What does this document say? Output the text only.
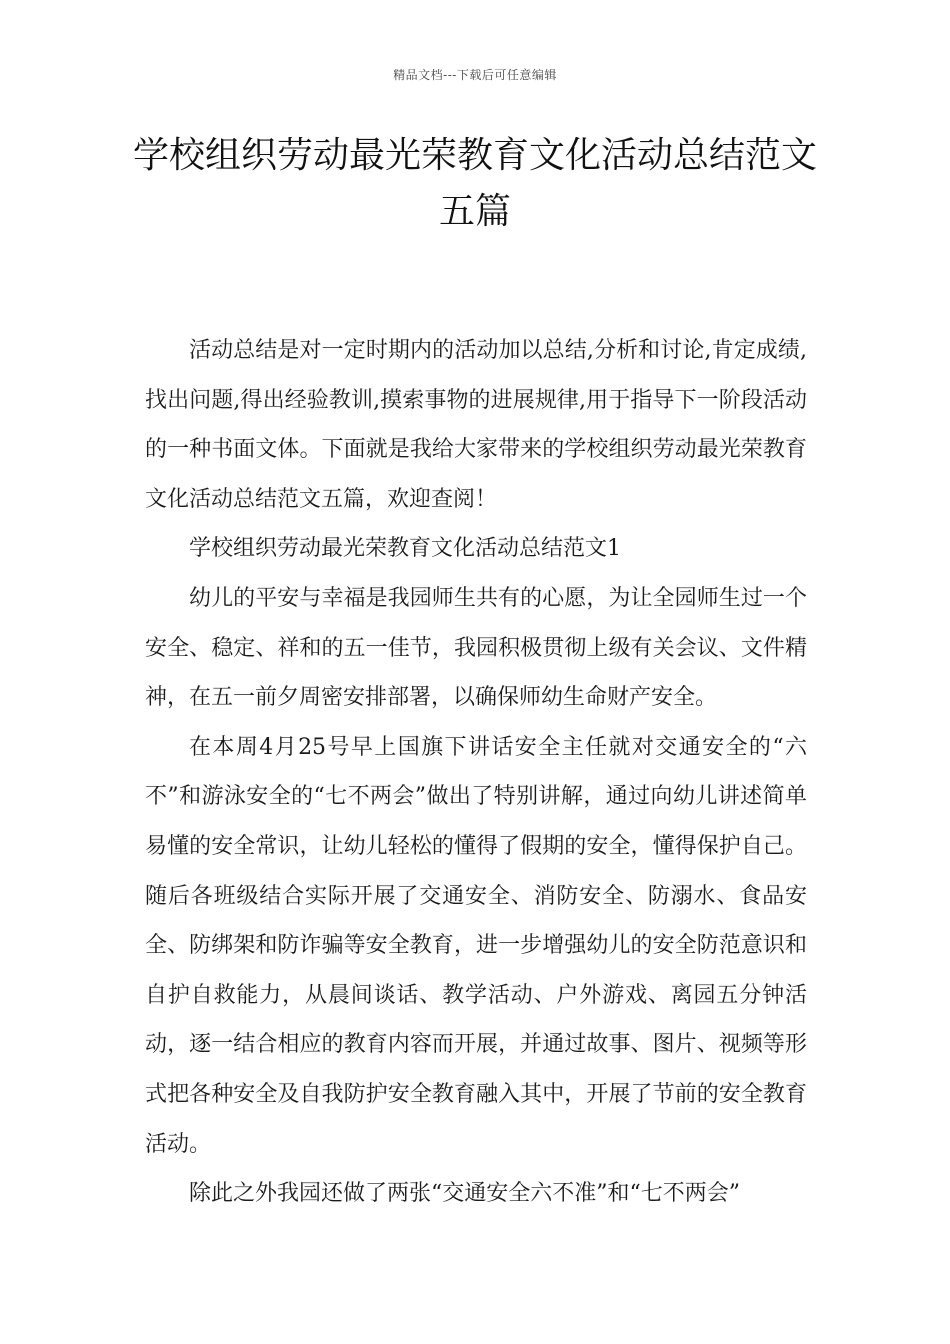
精品文档---下载后可任意编辑
学校组织劳动最光荣教育文化活动总结范文五篇

活动总结是对一定时期内的活动加以总结,分析和讨论,肯定成绩,找出问题,得出经验教训,摸索事物的进展规律,用于指导下一阶段活动的一种书面文体。下面就是我给大家带来的学校组织劳动最光荣教育文化活动总结范文五篇，欢迎查阅！

学校组织劳动最光荣教育文化活动总结范文1

幼儿的平安与幸福是我园师生共有的心愿，为让全园师生过一个安全、稳定、祥和的五一佳节，我园积极贯彻上级有关会议、文件精神，在五一前夕周密安排部署，以确保师幼生命财产安全。

在本周4月25号早上国旗下讲话安全主任就对交通安全的“六不”和游泳安全的“七不两会”做出了特别讲解，通过向幼儿讲述简单易懂的安全常识，让幼儿轻松的懂得了假期的安全，懂得保护自己。随后各班级结合实际开展了交通安全、消防安全、防溺水、食品安全、防绑架和防诈骗等安全教育，进一步增强幼儿的安全防范意识和自护自救能力，从晨间谈话、教学活动、户外游戏、离园五分钟活动，逐一结合相应的教育内容而开展，并通过故事、图片、视频等形式把各种安全及自我防护安全教育融入其中，开展了节前的安全教育活动。

除此之外我园还做了两张“交通安全六不准”和“七不两会”
